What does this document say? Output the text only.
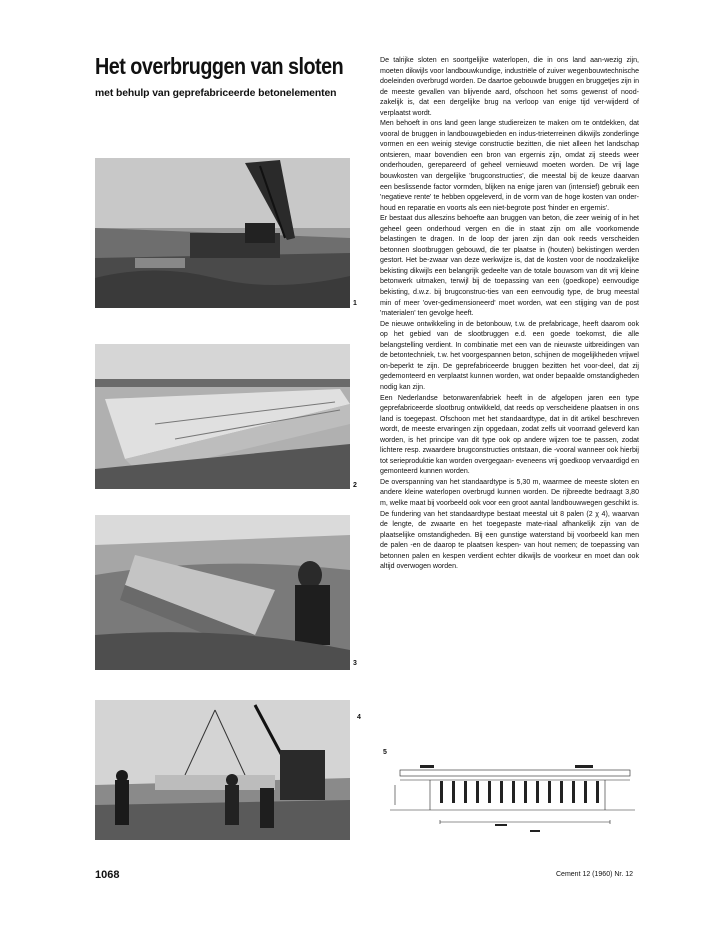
Het overbruggen van sloten
met behulp van geprefabriceerde betonelementen
1
2
3
4

De talrijke sloten en soortgelijke waterlopen, die in ons land aan-wezig zijn, moeten dikwijls voor landbouwkundige, industriële of zuiver wegenbouwtechnische doeleinden overbrugd worden. De daartoe gebouwde bruggen en bruggetjes zijn in de meeste gevallen van blijvende aard, ofschoon het soms gewenst of nood-zakelijk is, dat een dergelijke brug na verloop van enige tijd ver-wijderd of verplaatst wordt.

Men behoeft in ons land geen lange studiereizen te maken om te ontdekken, dat vooral de bruggen in landbouwgebieden en indus-trieterreinen dikwijls zonderlinge vormen en een weinig stevige constructie bezitten, die niet alleen het landschap ontsieren, maar bovendien een bron van ergernis zijn, omdat zij steeds weer onderhouden, gerepareerd of geheel vernieuwd moeten worden. De vrij lage bouwkosten van dergelijke 'brugconstructies', die meestal bij de keuze daarvan een beslissende factor vormden, blijken na enige jaren van (intensief) gebruik een 'negatieve rente' te hebben opgeleverd, in de vorm van de hoge kosten van onder-houd en reparatie en voorts als een niet-begrote post 'hinder en ergernis'.

Er bestaat dus alleszins behoefte aan bruggen van beton, die zeer weinig of in het geheel geen onderhoud vergen en die in staat zijn om alle voorkomende belastingen te dragen. In de loop der jaren zijn dan ook reeds verscheiden betonnen slootbruggen gebouwd, die ter plaatse in (houten) bekistingen werden gestort. Het be-zwaar van deze werkwijze is, dat de kosten voor de noodzakelijke bekisting dikwijls een belangrijk gedeelte van de totale bouwsom van dit vrij kleine betonwerk uitmaken, terwijl bij de toepassing van een (goedkope) eenvoudige bekisting, d.w.z. bij brugconstruc-ties van een eenvoudig type, de brug meestal min of meer 'over-gedimensioneerd' moet worden, wat een stijging van de post 'materialen' ten gevolge heeft.

De nieuwe ontwikkeling in de betonbouw, t.w. de prefabricage, heeft daarom ook op het gebied van de slootbruggen e.d. een goede toekomst, die alle belangstelling verdient. In combinatie met een van de nieuwste uitbreidingen van de betontechniek, t.w. het voorgespannen beton, schijnen de mogelijkheden vrijwel on-beperkt te zijn. De geprefabriceerde bruggen bezitten het voor-deel, dat zij gedemonteerd en verplaatst kunnen worden, wat onder bepaalde omstandigheden nodig kan zijn.

Een Nederlandse betonwarenfabriek heeft in de afgelopen jaren een type geprefabriceerde slootbrug ontwikkeld, dat reeds op verscheidene plaatsen in ons land is toegepast. Ofschoon met het standaardtype, dat in dit artikel beschreven wordt, de meeste ervaringen zijn opgedaan, zodat zelfs uit voorraad geleverd kan worden, is het principe van dit type ook op andere wijzen toe te passen, zodat lichtere resp. zwaardere brugconstructies ontstaan, die -vooral wanneer ook hierbij tot serieproduktie kan worden overgegaan- eveneens vrij goedkoop vervaardigd en gemonteerd kunnen worden.

De overspanning van het standaardtype is 5,30 m, waarmee de meeste sloten en andere kleine waterlopen overbrugd kunnen worden. De rijbreedte bedraagt 3,80 m, welke maat bij voorbeeld ook voor een groot aantal landbouwwegen geschikt is. De fundering van het standaardtype bestaat meestal uit 8 palen (2 χ 4), waarvan de lengte, de zwaarte en het toegepaste mate-riaal afhankelijk zijn van de plaatselijke omstandigheden. Bij een gunstige waterstand bij voorbeeld kan men de palen -en de daarop te plaatsen kespen- van hout nemen; de toepassing van betonnen palen en kespen verdient echter dikwijls de voorkeur en moet dan ook altijd overwogen worden.

5
1068	Cement 12 (1960) Nr. 12
